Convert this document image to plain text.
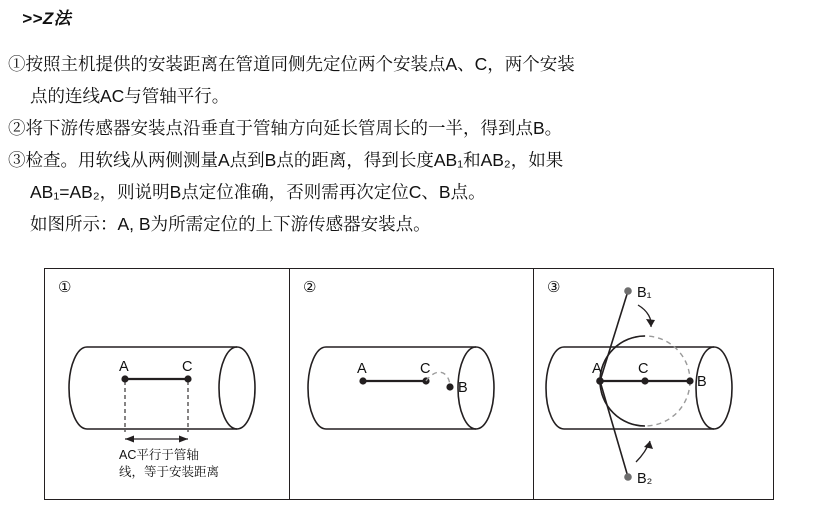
>>Z法
①按照主机提供的安装距离在管道同侧先定位两个安装点A、C，两个安装
点的连线AC与管轴平行。
②将下游传感器安装点沿垂直于管轴方向延长管周长的一半，得到点B。
③检查。用软线从两侧测量A点到B点的距离，得到长度AB₁和AB₂，如果
AB₁=AB₂，则说明B点定位准确，否则需再次定位C、B点。
如图所示：A, B为所需定位的上下游传感器安装点。
①
A	C
AC平行于管轴
线，等于安装距离
②
A	C
B
③
A	C
B
B₁
B₂
